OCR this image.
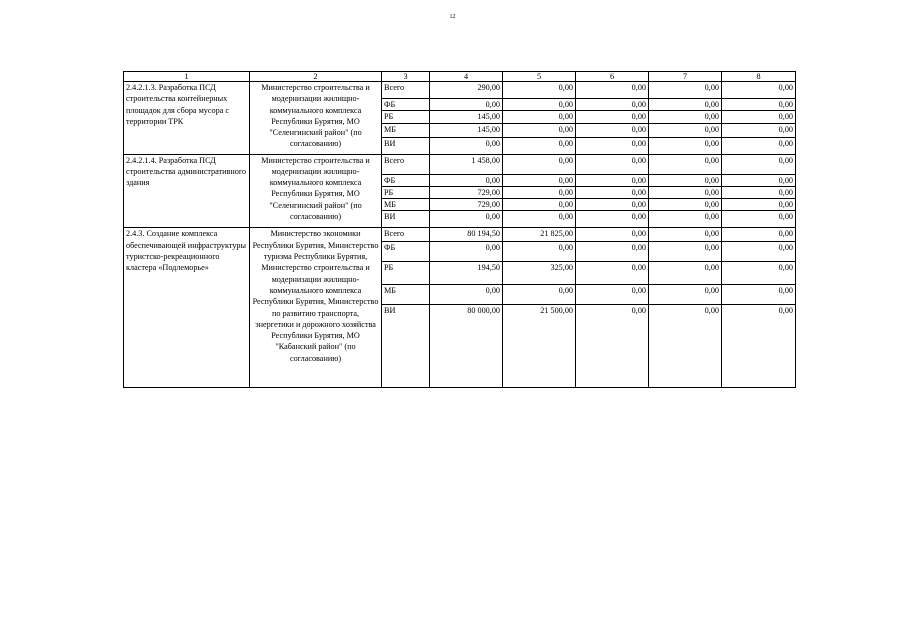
12
1	2	3	4	5	6	7	8
2.4.2.1.3. Разработка ПСД строительства контейнерных площадок для сбора мусора с территории ТРК	Министерство строительства и модернизации жилищно-коммунального комплекса Республики Бурятия, МО "Селенгинский район" (по согласованию)	Всего	290,00	0,00	0,00	0,00	0,00
		ФБ	0,00	0,00	0,00	0,00	0,00
		РБ	145,00	0,00	0,00	0,00	0,00
		МБ	145,00	0,00	0,00	0,00	0,00
		ВИ	0,00	0,00	0,00	0,00	0,00
2.4.2.1.4. Разработка ПСД строительства административного здания	Министерство строительства и модернизации жилищно-коммунального комплекса Республики Бурятия, МО "Селенгинский район" (по согласованию)	Всего	1 458,00	0,00	0,00	0,00	0,00
		ФБ	0,00	0,00	0,00	0,00	0,00
		РБ	729,00	0,00	0,00	0,00	0,00
		МБ	729,00	0,00	0,00	0,00	0,00
		ВИ	0,00	0,00	0,00	0,00	0,00
2.4.3. Создание комплекса обеспечивающей инфраструктуры туристско-рекреационного кластера «Подлеморье»	Министерство экономики Республики Бурятия, Министерство туризма Республики Бурятия, Министерство строительства и модернизации жилищно-коммунального комплекса Республики Бурятия, Министерство по развитию транспорта, энергетики и дорожного хозяйства Республики Бурятия, МО "Кабанский район" (по согласованию)	Всего	80 194,50	21 825,00	0,00	0,00	0,00
		ФБ	0,00	0,00	0,00	0,00	0,00
		РБ	194,50	325,00	0,00	0,00	0,00
		МБ	0,00	0,00	0,00	0,00	0,00
		ВИ	80 000,00	21 500,00	0,00	0,00	0,00
